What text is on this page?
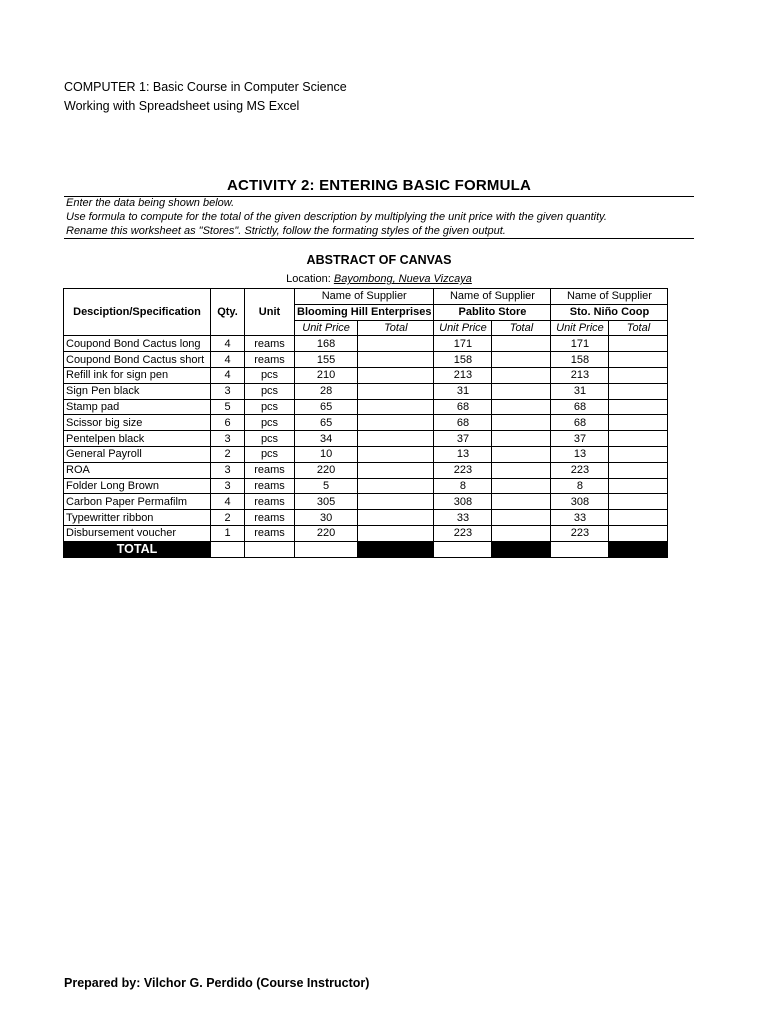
COMPUTER 1: Basic Course in Computer Science
Working with Spreadsheet using MS Excel
ACTIVITY 2: ENTERING BASIC FORMULA
Enter the data being shown below.
Use formula to compute for the total of the given description by multiplying the unit price with the given quantity.
Rename this worksheet as "Stores". Strictly, follow the formating styles of the given output.
ABSTRACT OF CANVAS
Location: Bayombong, Nueva Vizcaya
Desciption/Specification	Qty.	Unit	Name of Supplier		Name of Supplier		Name of Supplier	
			Blooming Hill Enterprises		Pablito Store		Sto. Niño Coop	
			Unit Price	Total	Unit Price	Total	Unit Price	Total
Coupond Bond Cactus long	4	reams	168		171		171	
Coupond Bond Cactus short	4	reams	155		158		158	
Refill ink for sign pen	4	pcs	210		213		213	
Sign Pen black	3	pcs	28		31		31	
Stamp pad	5	pcs	65		68		68	
Scissor big size	6	pcs	65		68		68	
Pentelpen black	3	pcs	34		37		37	
General Payroll	2	pcs	10		13		13	
ROA	3	reams	220		223		223	
Folder Long Brown	3	reams	5		8		8	
Carbon Paper Permafilm	4	reams	305		308		308	
Typewritter ribbon	2	reams	30		33		33	
Disbursement voucher	1	reams	220		223		223	
TOTAL								
Prepared by: Vilchor G. Perdido (Course Instructor)
